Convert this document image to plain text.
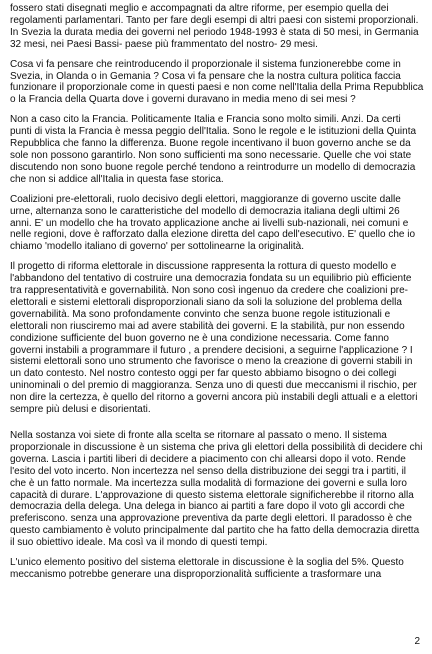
fossero stati disegnati meglio e accompagnati da altre riforme, per esempio quella dei regolamenti parlamentari. Tanto per fare degli esempi di altri paesi con sistemi proporzionali. In Svezia la durata media dei governi nel periodo 1948-1993 è stata di 50 mesi, in Germania 32 mesi, nei Paesi Bassi- paese più frammentato del nostro- 29 mesi.

Cosa vi fa pensare che reintroducendo il proporzionale il sistema funzionerebbe come in Svezia, in Olanda o in Gemania ? Cosa vi fa pensare che la nostra cultura politica faccia funzionare il proporzionale come in questi paesi e non come nell'Italia della Prima Repubblica o la Francia della Quarta dove i governi duravano in media meno di sei mesi ?

Non a caso cito la Francia. Politicamente Italia e Francia sono molto simili. Anzi. Da certi punti di vista la Francia è messa peggio dell'Italia. Sono le regole e le istituzioni della Quinta Repubblica che fanno la differenza. Buone regole incentivano il buon governo anche se da sole non possono garantirlo. Non sono sufficienti ma sono necessarie. Quelle che voi state discutendo non sono buone regole perché tendono a reintrodurre un modello di democrazia che non si addice all'Italia in questa fase storica.

Coalizioni pre-elettorali, ruolo decisivo degli elettori, maggioranze di governo uscite dalle urne, alternanza sono le caratteristiche del modello di democrazia italiana degli ultimi 26 anni. E' un modello che ha trovato applicazione anche ai livelli sub-nazionali, nei comuni e nelle regioni, dove è rafforzato dalla elezione diretta del capo dell'esecutivo. E' quello che io chiamo 'modello italiano di governo' per sottolinearne la originalità.

Il progetto di riforma elettorale in discussione rappresenta la rottura di questo modello e l'abbandono del tentativo di costruire una democrazia fondata su un equilibrio più efficiente tra rappresentatività e governabilità. Non sono così ingenuo da credere che coalizioni pre-elettorali e sistemi elettorali disproporzionali siano da soli la soluzione del problema della governabilità. Ma sono profondamente convinto che senza buone regole istituzionali e elettorali non riusciremo mai ad avere stabilità dei governi. E la stabilità, pur non essendo condizione sufficiente del buon governo ne è una condizione necessaria. Come fanno governi instabili a programmare il futuro , a prendere decisioni, a seguirne l'applicazione ? I sistemi elettorali sono uno strumento che favorisce o meno la creazione di governi stabili in un dato contesto. Nel nostro contesto oggi per far questo abbiamo bisogno o dei collegi uninominali o del premio di maggioranza. Senza uno di questi due meccanismi il rischio, per non dire la certezza, è quello del ritorno a governi ancora più instabili degli attuali e a elettori sempre più delusi e disorientati.

Nella sostanza voi siete di fronte alla scelta se ritornare al passato o meno. Il sistema proporzionale in discussione è un sistema che priva gli elettori della possibilità di decidere chi governa. Lascia i partiti liberi di decidere a piacimento con chi allearsi dopo il voto. Rende l'esito del voto incerto. Non incertezza nel senso della distribuzione dei seggi tra i partiti, il che è un fatto normale. Ma incertezza sulla modalità di formazione dei governi e sulla loro capacità di durare. L'approvazione di questo sistema elettorale significherebbe il ritorno alla democrazia della delega. Una delega in bianco ai partiti a fare dopo il voto gli accordi che preferiscono. senza una approvazione preventiva da parte degli elettori. Il paradosso è che questo cambiamento è voluto principalmente dal partito che ha fatto della democrazia diretta il suo obiettivo ideale. Ma così va il mondo di questi tempi.

L'unico elemento positivo del sistema elettorale in discussione è la soglia del 5%. Questo meccanismo potrebbe generare una disproporzionalità sufficiente a trasformare una

2
